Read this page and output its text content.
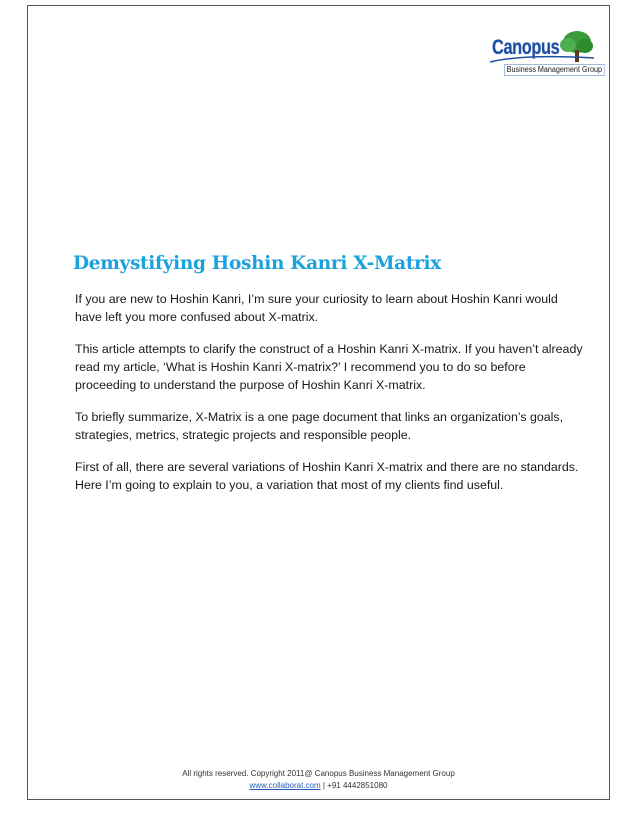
Canopus
Business Management Group
Demystifying Hoshin Kanri X-Matrix

If you are new to Hoshin Kanri, I’m sure your curiosity to learn about Hoshin Kanri would have left you more confused about X-matrix.

This article attempts to clarify the construct of a Hoshin Kanri X-matrix. If you haven’t already read my article, ‘What is Hoshin Kanri X-matrix?’ I recommend you to do so before proceeding to understand the purpose of Hoshin Kanri X-matrix.

To briefly summarize, X-Matrix is a one page document that links an organization’s goals, strategies, metrics, strategic projects and responsible people.

First of all, there are several variations of Hoshin Kanri X-matrix and there are no standards. Here I’m going to explain to you, a variation that most of my clients find useful.

All rights reserved. Copyright 2011@ Canopus Business Management Group
www.collaborat.com | +91 4442851080
